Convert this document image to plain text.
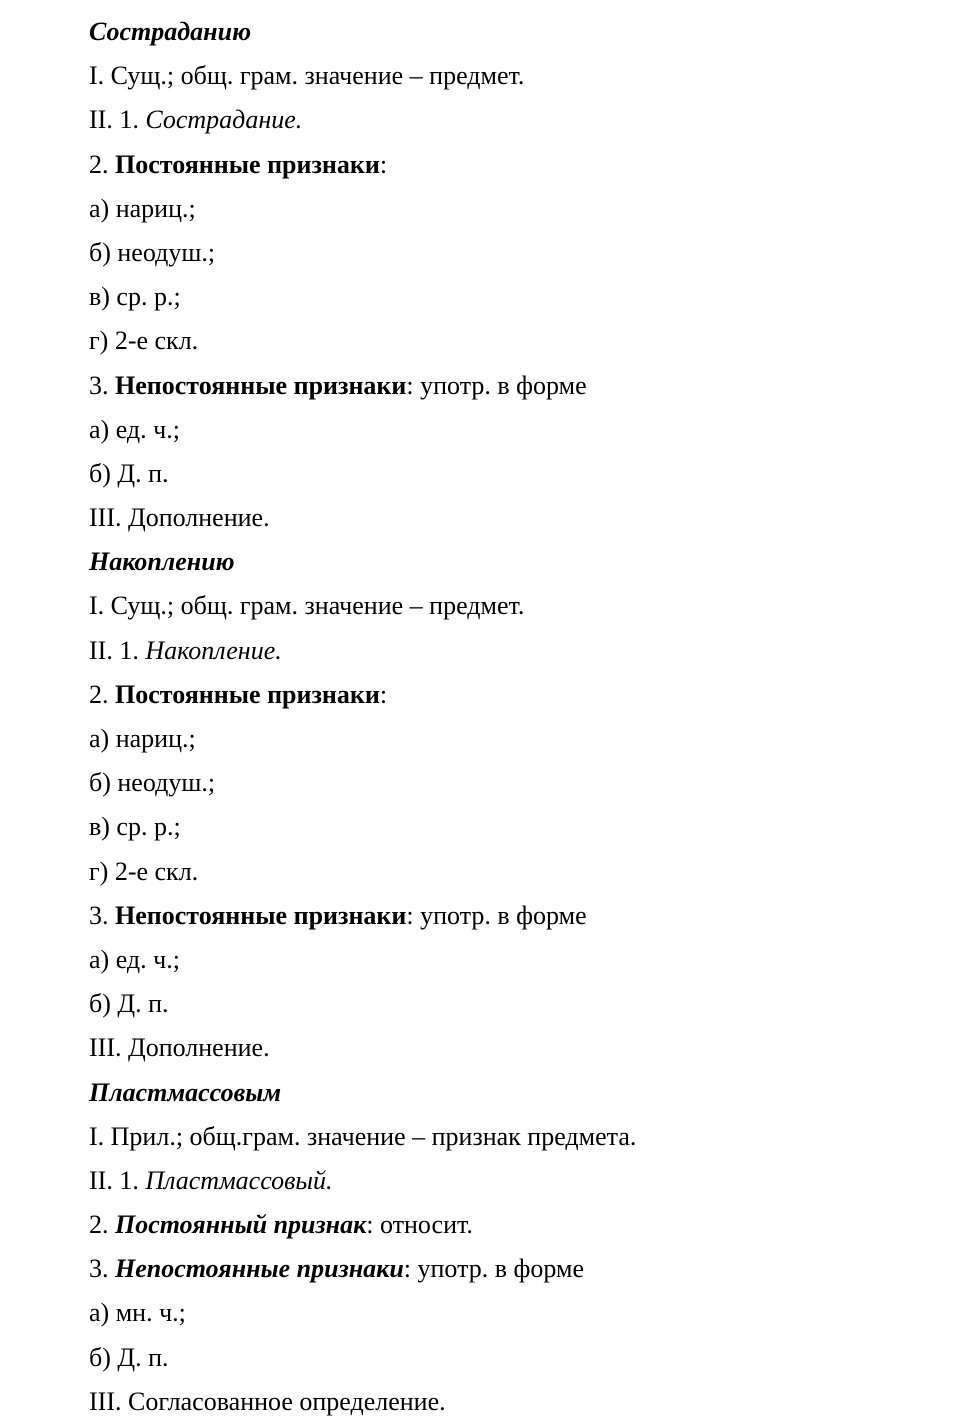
Состраданию
I. Сущ.; общ. грам. значение – предмет.
II. 1. Сострадание.
2. Постоянные признаки:
а) нариц.;
б) неодуш.;
в) ср. р.;
г) 2-е скл.
3. Непостоянные признаки: употр. в форме
а) ед. ч.;
б) Д. п.
III. Дополнение.
Накоплению
I. Сущ.; общ. грам. значение – предмет.
II. 1. Накопление.
2. Постоянные признаки:
а) нариц.;
б) неодуш.;
в) ср. р.;
г) 2-е скл.
3. Непостоянные признаки: употр. в форме
а) ед. ч.;
б) Д. п.
III. Дополнение.
Пластмассовым
I. Прил.; общ.грам. значение – признак предмета.
II. 1. Пластмассовый.
2. Постоянный признак: относит.
3. Непостоянные признаки: употр. в форме
а) мн. ч.;
б) Д. п.
III. Согласованное определение.
